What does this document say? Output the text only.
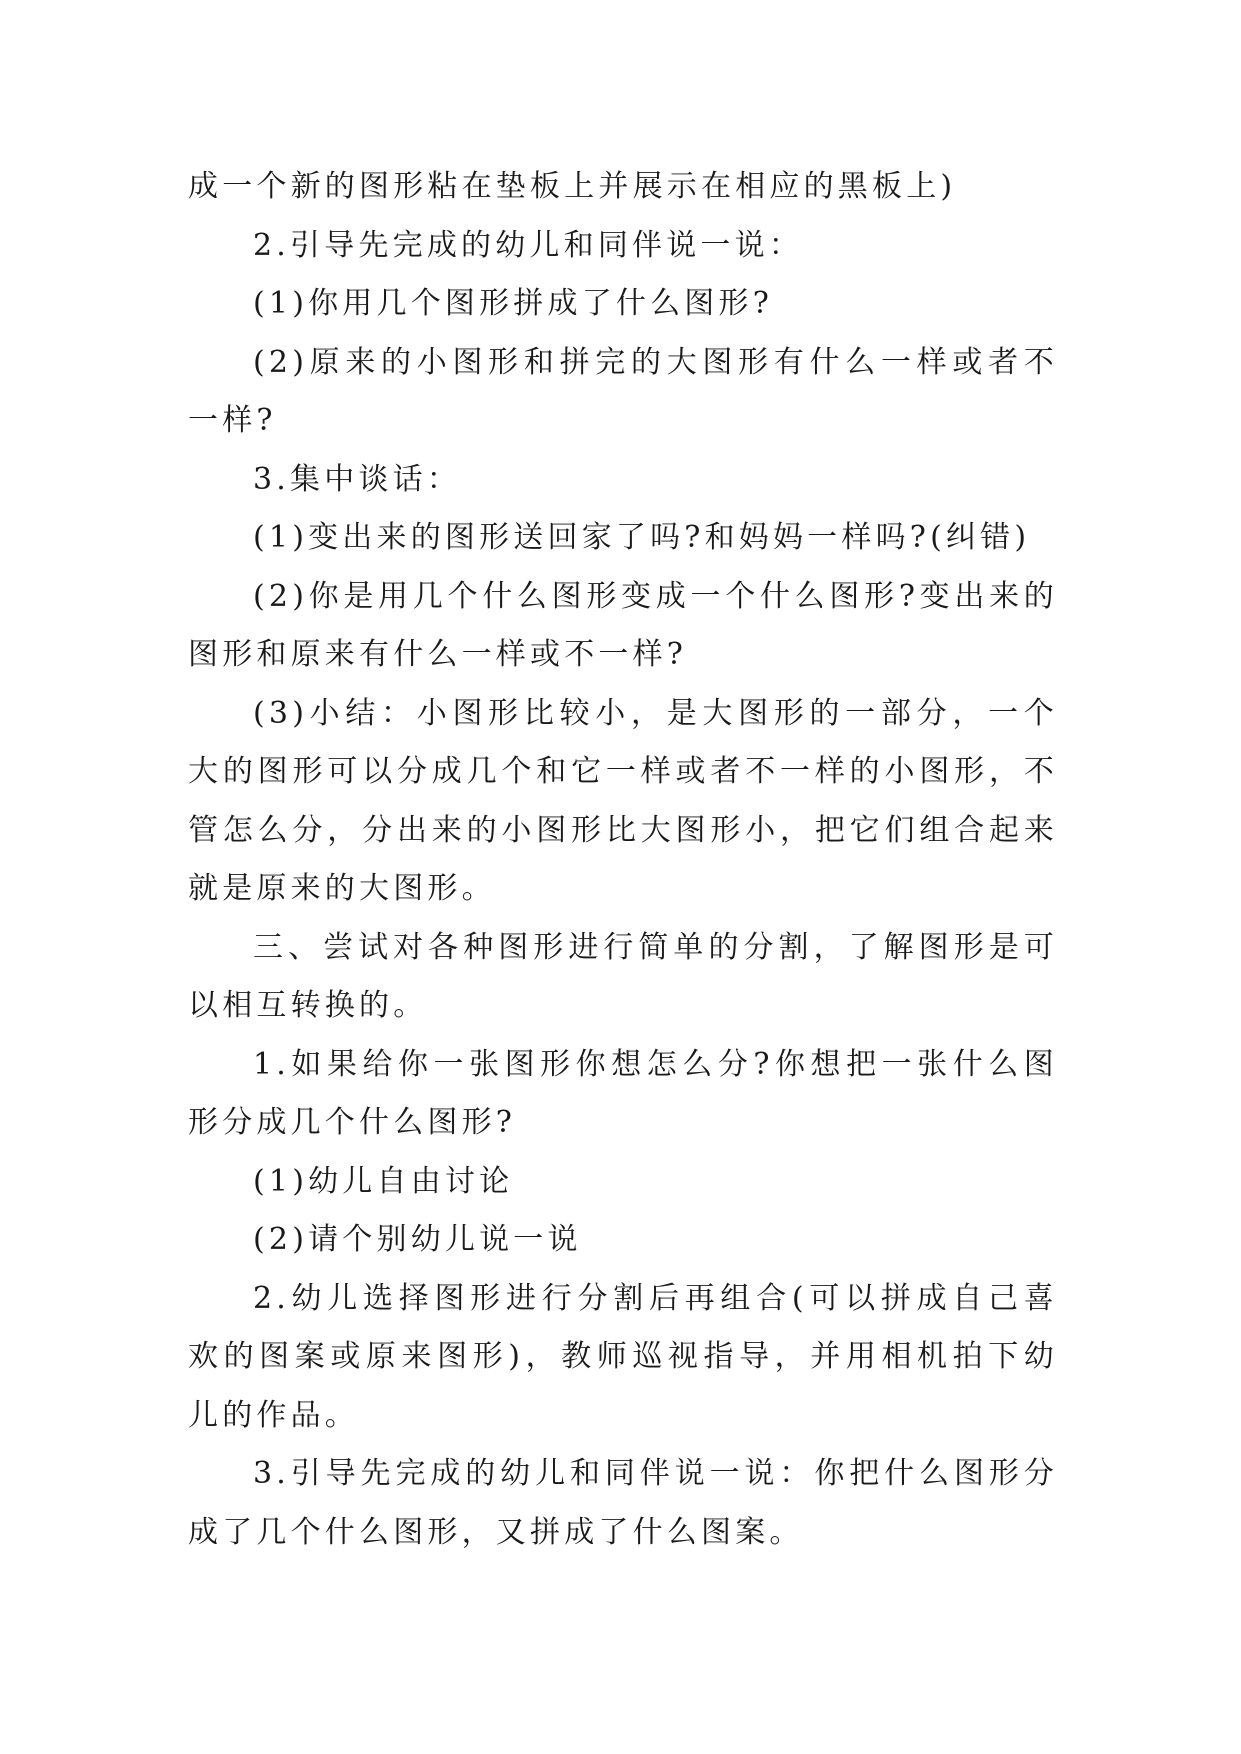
成一个新的图形粘在垫板上并展示在相应的黑板上)

2.引导先完成的幼儿和同伴说一说：

(1)你用几个图形拼成了什么图形?

(2)原来的小图形和拼完的大图形有什么一样或者不一样?

3.集中谈话：

(1)变出来的图形送回家了吗?和妈妈一样吗?(纠错)

(2)你是用几个什么图形变成一个什么图形?变出来的图形和原来有什么一样或不一样?

(3)小结：小图形比较小，是大图形的一部分，一个大的图形可以分成几个和它一样或者不一样的小图形，不管怎么分，分出来的小图形比大图形小，把它们组合起来就是原来的大图形。

三、尝试对各种图形进行简单的分割，了解图形是可以相互转换的。

1.如果给你一张图形你想怎么分?你想把一张什么图形分成几个什么图形?

(1)幼儿自由讨论

(2)请个别幼儿说一说

2.幼儿选择图形进行分割后再组合(可以拼成自己喜欢的图案或原来图形)，教师巡视指导，并用相机拍下幼儿的作品。

3.引导先完成的幼儿和同伴说一说：你把什么图形分成了几个什么图形，又拼成了什么图案。
